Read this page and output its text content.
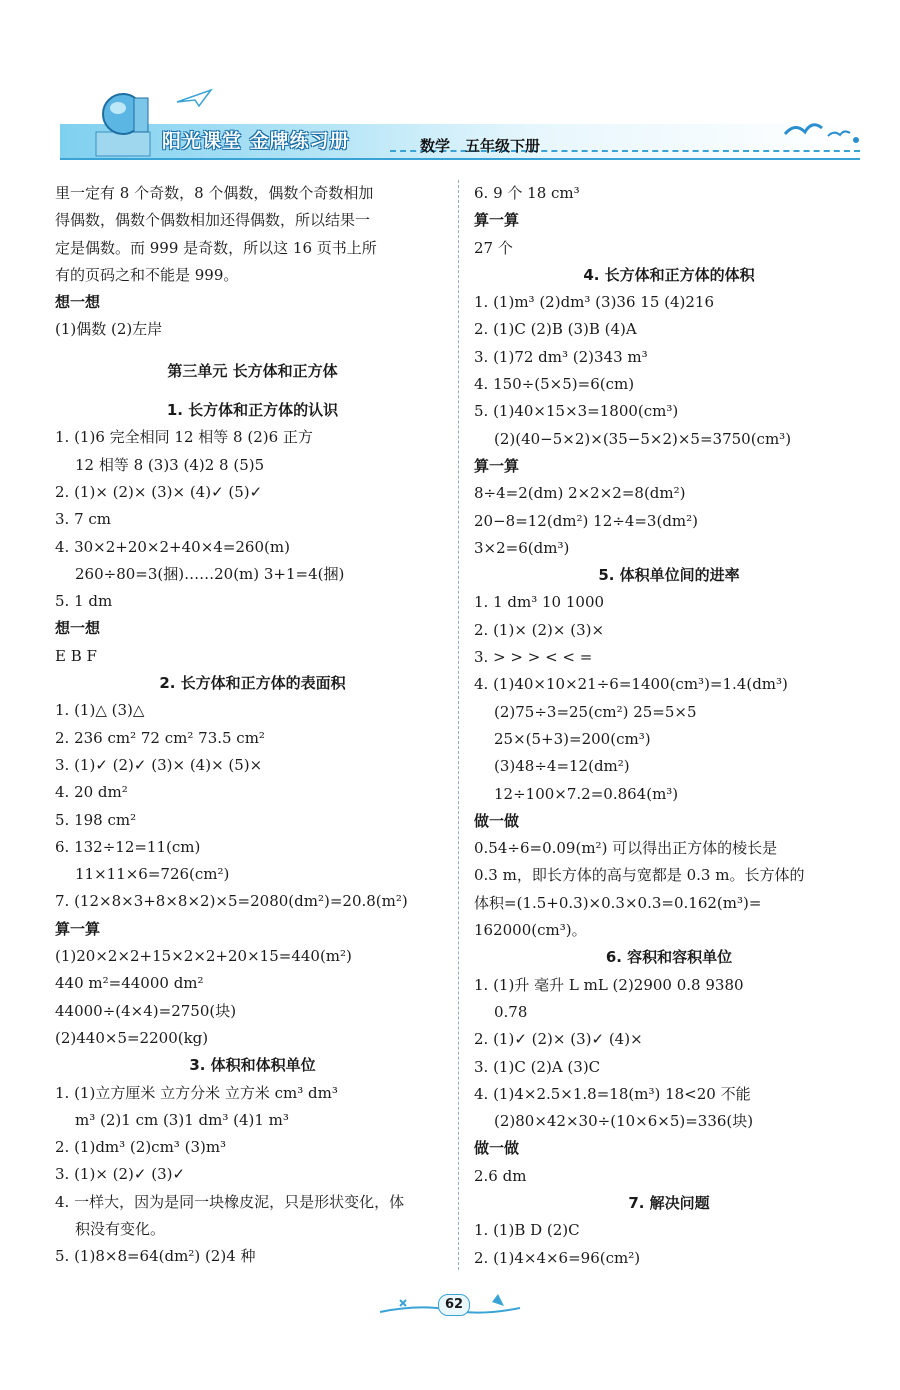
阳光课堂 金牌练习册	数学 五年级下册
里一定有 8 个奇数，8 个偶数，偶数个奇数相加
得偶数，偶数个偶数相加还得偶数，所以结果一
定是偶数。而 999 是奇数，所以这 16 页书上所
有的页码之和不能是 999。
想一想
(1)偶数 (2)左岸
第三单元 长方体和正方体
1. 长方体和正方体的认识
1. (1)6 完全相同 12 相等 8 (2)6 正方
12 相等 8 (3)3 (4)2 8 (5)5
2. (1)× (2)× (3)× (4)✓ (5)✓
3. 7 cm
4. 30×2+20×2+40×4=260(m)
260÷80=3(捆)……20(m) 3+1=4(捆)
5. 1 dm
想一想
E B F
2. 长方体和正方体的表面积
1. (1)△ (3)△
2. 236 cm² 72 cm² 73.5 cm²
3. (1)✓ (2)✓ (3)× (4)× (5)×
4. 20 dm²
5. 198 cm²
6. 132÷12=11(cm)
11×11×6=726(cm²)
7. (12×8×3+8×8×2)×5=2080(dm²)=20.8(m²)
算一算
(1)20×2×2+15×2×2+20×15=440(m²)
440 m²=44000 dm²
44000÷(4×4)=2750(块)
(2)440×5=2200(kg)
3. 体积和体积单位
1. (1)立方厘米 立方分米 立方米 cm³ dm³
m³ (2)1 cm (3)1 dm³ (4)1 m³
2. (1)dm³ (2)cm³ (3)m³
3. (1)× (2)✓ (3)✓
4. 一样大，因为是同一块橡皮泥，只是形状变化，体
积没有变化。
5. (1)8×8=64(dm²) (2)4 种
6. 9 个 18 cm³
算一算
27 个
4. 长方体和正方体的体积
1. (1)m³ (2)dm³ (3)36 15 (4)216
2. (1)C (2)B (3)B (4)A
3. (1)72 dm³ (2)343 m³
4. 150÷(5×5)=6(cm)
5. (1)40×15×3=1800(cm³)
(2)(40−5×2)×(35−5×2)×5=3750(cm³)
算一算
8÷4=2(dm) 2×2×2=8(dm²)
20−8=12(dm²) 12÷4=3(dm²)
3×2=6(dm³)
5. 体积单位间的进率
1. 1 dm³ 10 1000
2. (1)× (2)× (3)×
3. > > > < < =
4. (1)40×10×21÷6=1400(cm³)=1.4(dm³)
(2)75÷3=25(cm²) 25=5×5
25×(5+3)=200(cm³)
(3)48÷4=12(dm²)
12÷100×7.2=0.864(m³)
做一做
0.54÷6=0.09(m²) 可以得出正方体的棱长是
0.3 m，即长方体的高与宽都是 0.3 m。长方体的
体积=(1.5+0.3)×0.3×0.3=0.162(m³)=
162000(cm³)。
6. 容积和容积单位
1. (1)升 毫升 L mL (2)2900 0.8 9380
0.78
2. (1)✓ (2)× (3)✓ (4)×
3. (1)C (2)A (3)C
4. (1)4×2.5×1.8=18(m³) 18<20 不能
(2)80×42×30÷(10×6×5)=336(块)
做一做
2.6 dm
7. 解决问题
1. (1)B D (2)C
2. (1)4×4×6=96(cm²)
62
